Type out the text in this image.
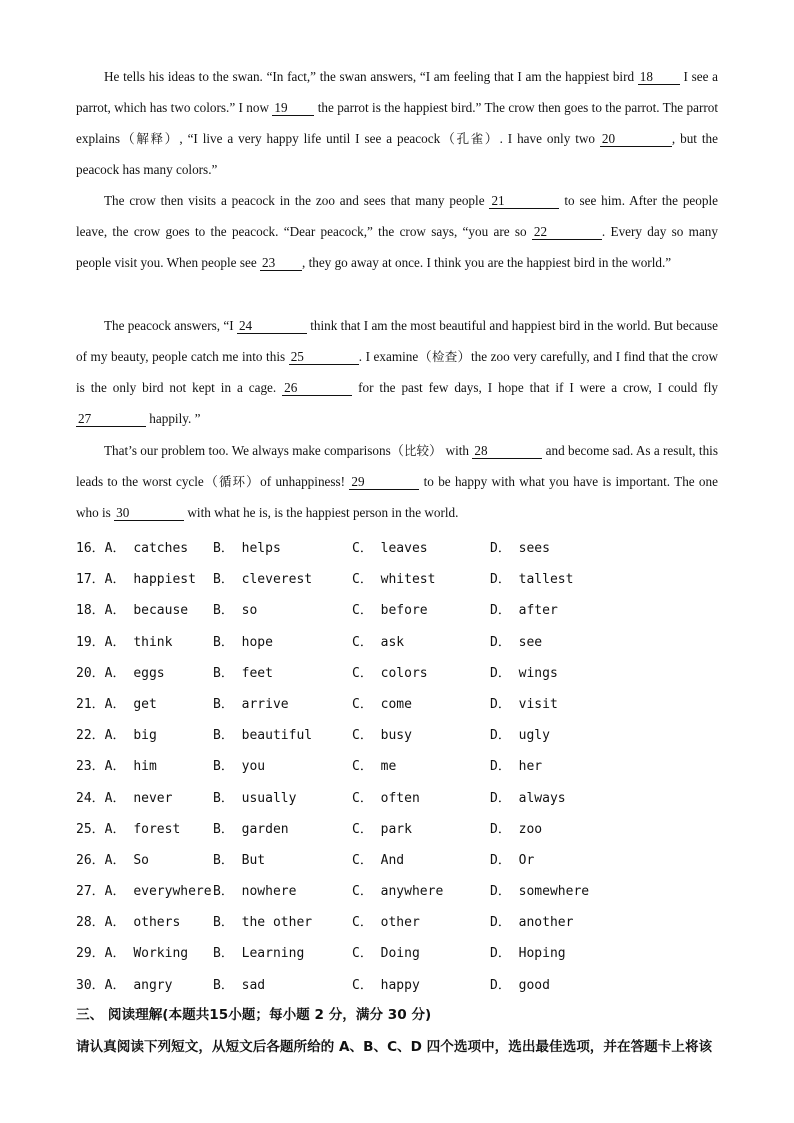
He tells his ideas to the swan. “In fact,” the swan answers, “I am feeling that I am the happiest bird 18 I see a parrot, which has two colors.” I now 19 the parrot is the happiest bird.” The crow then goes to the parrot. The parrot explains（解释）, “I live a very happy life until I see a peacock（孔雀）. I have only two 20	, but the peacock has many colors.”

The crow then visits a peacock in the zoo and sees that many people 21	to see him. After the people leave, the crow goes to the peacock. “Dear peacock,” the crow says, “you are so 22	. Every day so many people visit you. When people see 23 , they go away at once. I think you are the happiest bird in the world.”

The peacock answers, “I 24	think that I am the most beautiful and happiest bird in the world. But because of my beauty, people catch me into this 25	. I examine（检查）the zoo very carefully, and I find that the crow is the only bird not kept in a cage. 26	for the past few days, I hope that if I were a crow, I could fly 27	happily. ”

That’s our problem too. We always make comparisons（比较） with 28	and become sad. As a result, this leads to the worst cycle（循环）of unhappiness! 29	to be happy with what you have is important. The one who is 30	with what he is, is the happiest person in the world.

16．A． catches B． helps	C． leaves	D． sees
17．A． happiest B． cleverest	C． whitest	D． tallest
18．A． because B． so	C． before	D． after
19．A． think	B． hope	C． ask	D． see
20．A． eggs	B． feet	C． colors	D． wings
21．A． get	B． arrive	C． come	D． visit
22．A． big	B． beautiful	C． busy	D． ugly
23．A． him	B． you	C． me	D． her
24．A． never	B． usually	C． often	D． always
25．A． forest	B． garden	C． park	D． zoo
26．A． So	B． But	C． And	D． Or
27．A． everywhere B． nowhere	C． anywhere	D． somewhere
28．A． others	B． the other	C． other	D． another
29．A． Working B． Learning	C． Doing	D． Hoping
30．A． angry	B． sad	C． happy	D． good
三、 阅读理解(本题共15小题；每小题 2 分，满分 30 分)
请认真阅读下列短文，从短文后各题所给的 A、B、C、D 四个选项中，选出最佳选项，并在答题卡上将该
